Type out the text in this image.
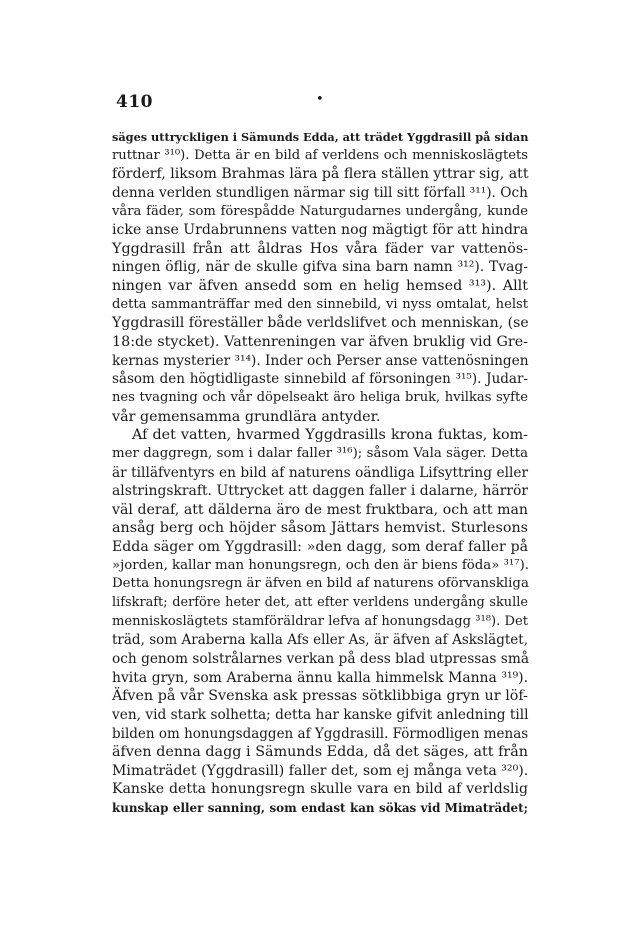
410	•
säges uttryckligen i Sämunds Edda, att trädet Yggdrasill på sidan
ruttnar ³¹⁰). Detta är en bild af verldens och menniskoslägtets
förderf, liksom Brahmas lära på flera ställen yttrar sig, att
denna verlden stundligen närmar sig till sitt förfall ³¹¹). Och
våra fäder, som förespådde Naturgudarnes undergång, kunde
icke anse Urdabrunnens vatten nog mägtigt för att hindra
Yggdrasill från att åldras Hos våra fäder var vattenös-
ningen öflig, när de skulle gifva sina barn namn ³¹²). Tvag-
ningen var äfven ansedd som en helig hemsed ³¹³). Allt
detta sammanträffar med den sinnebild, vi nyss omtalat, helst
Yggdrasill föreställer både verldslifvet och menniskan, (se
18:de stycket). Vattenreningen var äfven bruklig vid Gre-
kernas mysterier ³¹⁴). Inder och Perser anse vattenösningen
såsom den högtidligaste sinnebild af försoningen ³¹⁵). Judar-
nes tvagning och vår döpelseakt äro heliga bruk, hvilkas syfte
vår gemensamma grundlära antyder.
Af det vatten, hvarmed Yggdrasills krona fuktas, kom-
mer daggregn, som i dalar faller ³¹⁶); såsom Vala säger. Detta
är tilläfventyrs en bild af naturens oändliga Lifsyttring eller
alstringskraft. Uttrycket att daggen faller i dalarne, härrör
väl deraf, att dälderna äro de mest fruktbara, och att man
ansåg berg och höjder såsom Jättars hemvist. Sturlesons
Edda säger om Yggdrasill: »den dagg, som deraf faller på
»jorden, kallar man honungsregn, och den är biens föda» ³¹⁷).
Detta honungsregn är äfven en bild af naturens oförvanskliga
lifskraft; derföre heter det, att efter verldens undergång skulle
menniskoslägtets stamföräldrar lefva af honungsdagg ³¹⁸). Det
träd, som Araberna kalla Afs eller As, är äfven af Askslägtet,
och genom solstrålarnes verkan på dess blad utpressas små
hvita gryn, som Araberna ännu kalla himmelsk Manna ³¹⁹).
Äfven på vår Svenska ask pressas sötklibbiga gryn ur löf-
ven, vid stark solhetta; detta har kanske gifvit anledning till
bilden om honungsdaggen af Yggdrasill. Förmodligen menas
äfven denna dagg i Sämunds Edda, då det säges, att från
Mimaträdet (Yggdrasill) faller det, som ej många veta ³²⁰).
Kanske detta honungsregn skulle vara en bild af verldslig
kunskap eller sanning, som endast kan sökas vid Mimaträdet;
